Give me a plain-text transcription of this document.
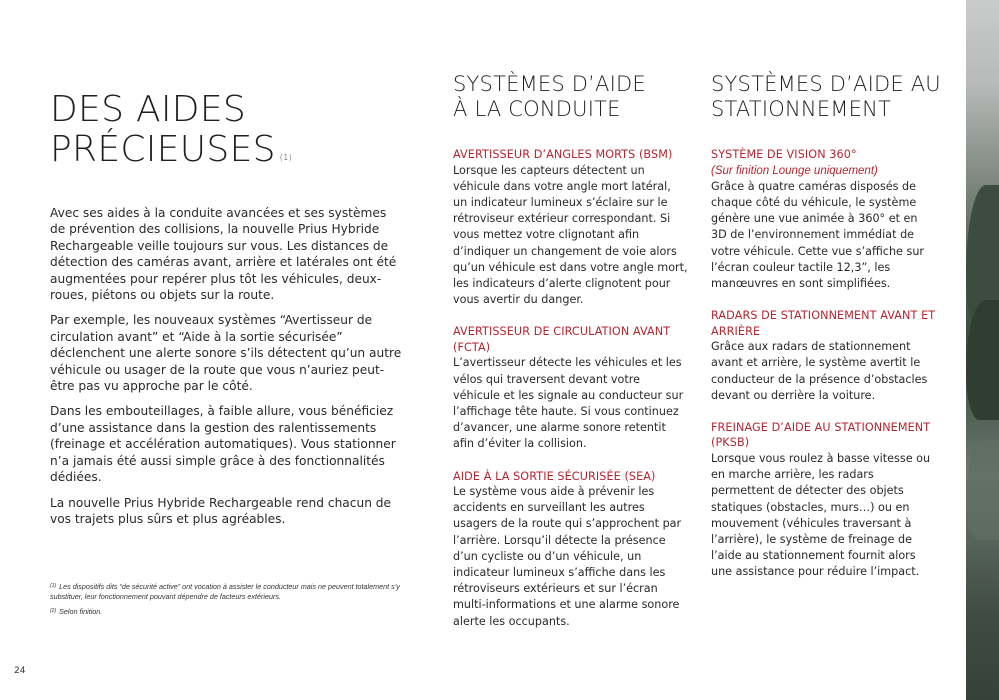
DES AIDES
PRÉCIEUSES $^{(1)}$

Avec ses aides à la conduite avancées et ses systèmes de prévention des collisions, la nouvelle Prius Hybride Rechargeable veille toujours sur vous. Les distances de détection des caméras avant, arrière et latérales ont été augmentées pour repérer plus tôt les véhicules, deux-roues, piétons ou objets sur la route.

Par exemple, les nouveaux systèmes “Avertisseur de circulation avant” et “Aide à la sortie sécurisée” déclenchent une alerte sonore s’ils détectent qu’un autre véhicule ou usager de la route que vous n’auriez peut-être pas vu approche par le côté.

Dans les embouteillages, à faible allure, vous bénéficiez d’une assistance dans la gestion des ralentissements (freinage et accélération automatiques). Vous stationner n’a jamais été aussi simple grâce à des fonctionnalités dédiées.

La nouvelle Prius Hybride Rechargeable rend chacun de vos trajets plus sûrs et plus agréables.

$^{(1)}$ Les dispositifs dits “de sécurité active” ont vocation à assister le conducteur mais ne peuvent totalement s’y substituer, leur fonctionnement pouvant dépendre de facteurs extérieurs.

$^{(2)}$ Selon finition.

24
SYSTÈMES D’AIDE
À LA CONDUITE
AVERTISSEUR D’ANGLES MORTS (BSM)
Lorsque les capteurs détectent un véhicule dans votre angle mort latéral, un indicateur lumineux s’éclaire sur le rétroviseur extérieur correspondant. Si vous mettez votre clignotant afin d’indiquer un changement de voie alors qu’un véhicule est dans votre angle mort, les indicateurs d’alerte clignotent pour vous avertir du danger.
AVERTISSEUR DE CIRCULATION AVANT (FCTA)
L’avertisseur détecte les véhicules et les vélos qui traversent devant votre véhicule et les signale au conducteur sur l’affichage tête haute. Si vous continuez d’avancer, une alarme sonore retentit afin d’éviter la collision.
AIDE À LA SORTIE SÉCURISÉE (SEA)
Le système vous aide à prévenir les accidents en surveillant les autres usagers de la route qui s’approchent par l’arrière. Lorsqu’il détecte la présence d’un cycliste ou d’un véhicule, un indicateur lumineux s’affiche dans les rétroviseurs extérieurs et sur l’écran multi-informations et une alarme sonore alerte les occupants.
SYSTÈMES D’AIDE AU
STATIONNEMENT
SYSTÈME DE VISION 360°
(Sur finition Lounge uniquement)
Grâce à quatre caméras disposés de chaque côté du véhicule, le système génère une vue animée à 360° et en 3D de l’environnement immédiat de votre véhicule. Cette vue s’affiche sur l’écran couleur tactile 12,3”, les manœuvres en sont simplifiées.
RADARS DE STATIONNEMENT AVANT ET ARRIÈRE
Grâce aux radars de stationnement avant et arrière, le système avertit le conducteur de la présence d’obstacles devant ou derrière la voiture.
FREINAGE D’AIDE AU STATIONNEMENT (PKSB)
Lorsque vous roulez à basse vitesse ou en marche arrière, les radars permettent de détecter des objets statiques (obstacles, murs…) ou en mouvement (véhicules traversant à l’arrière), le système de freinage de l’aide au stationnement fournit alors une assistance pour réduire l’impact.
